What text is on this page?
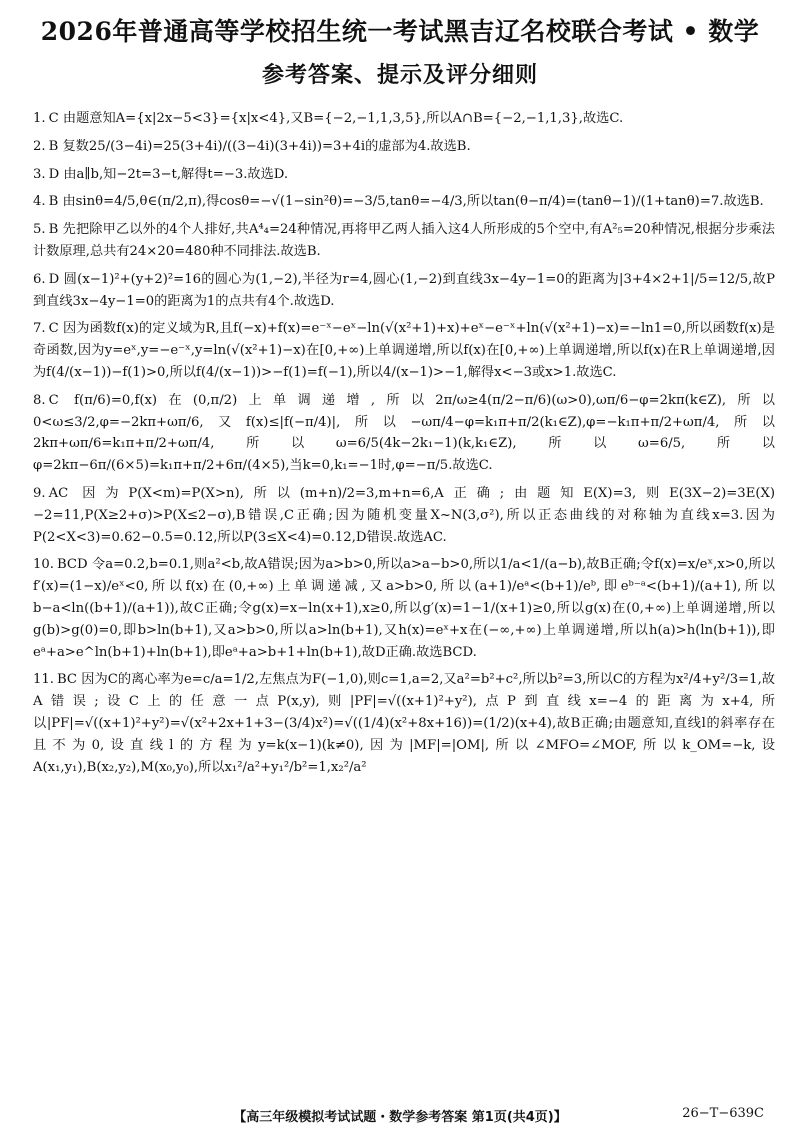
2026年普通高等学校招生统一考试黑吉辽名校联合考试 • 数学
参考答案、提示及评分细则
1. C 由题意知A={x|2x−5<3}={x|x<4},又B={−2,−1,1,3,5},所以A∩B={−2,−1,1,3},故选C.
2. B 复数25/(3−4i)=25(3+4i)/((3−4i)(3+4i))=3+4i的虚部为4.故选B.
3. D 由a∥b,知−2t=3−t,解得t=−3.故选D.
4. B 由sinθ=4/5,θ∈(π/2,π),得cosθ=−√(1−sin²θ)=−3/5,tanθ=−4/3,所以tan(θ−π/4)=(tanθ−1)/(1+tanθ)=7.故选B.
5. B 先把除甲乙以外的4个人排好,共A⁴₄=24种情况,再将甲乙两人插入这4人所形成的5个空中,有A²₅=20种情况,根据分步乘法计数原理,总共有24×20=480种不同排法.故选B.
6. D 圆(x−1)²+(y+2)²=16的圆心为(1,−2),半径为r=4,圆心(1,−2)到直线3x−4y−1=0的距离为|3+4×2+1|/5=12/5,故P到直线3x−4y−1=0的距离为1的点共有4个.故选D.
7. C 因为函数f(x)的定义域为R,且f(−x)+f(x)=e⁻ˣ−eˣ−ln(√(x²+1)+x)+eˣ−e⁻ˣ+ln(√(x²+1)−x)=−ln1=0,所以函数f(x)是奇函数,因为y=eˣ,y=−e⁻ˣ,y=ln(√(x²+1)−x)在[0,+∞)上单调递增,所以f(x)在[0,+∞)上单调递增,所以f(x)在R上单调递增,因为f(4/(x−1))−f(1)>0,所以f(4/(x−1))>−f(1)=f(−1),所以4/(x−1)>−1,解得x<−3或x>1.故选C.
8. C f(π/6)=0,f(x)在(0,π/2)上单调递增,所以2π/ω≥4(π/2−π/6)(ω>0),ωπ/6−φ=2kπ(k∈Z),所以0<ω≤3/2,φ=−2kπ+ωπ/6,又f(x)≤|f(−π/4)|,所以−ωπ/4−φ=k₁π+π/2(k₁∈Z),φ=−k₁π+π/2+ωπ/4,所以2kπ+ωπ/6=k₁π+π/2+ωπ/4,所以ω=6/5(4k−2k₁−1)(k,k₁∈Z),所以ω=6/5,所以φ=2kπ−6π/(6×5)=k₁π+π/2+6π/(4×5),当k=0,k₁=−1时,φ=−π/5.故选C.
9. AC 因为P(X<m)=P(X>n),所以(m+n)/2=3,m+n=6,A正确;由题知E(X)=3,则E(3X−2)=3E(X)−2=11,P(X≥2+σ)>P(X≤2−σ),B错误,C正确;因为随机变量X~N(3,σ²),所以正态曲线的对称轴为直线x=3.因为P(2<X<3)=0.62−0.5=0.12,所以P(3≤X<4)=0.12,D错误.故选AC.
10. BCD 令a=0.2,b=0.1,则a²<b,故A错误;因为a>b>0,所以a>a−b>0,所以1/a<1/(a−b),故B正确;令f(x)=x/eˣ,x>0,所以f′(x)=(1−x)/eˣ<0,所以f(x)在(0,+∞)上单调递减,又a>b>0,所以(a+1)/eᵃ<(b+1)/eᵇ,即eᵇ⁻ᵃ<(b+1)/(a+1),所以b−a<ln((b+1)/(a+1)),故C正确;令g(x)=x−ln(x+1),x≥0,所以g′(x)=1−1/(x+1)≥0,所以g(x)在(0,+∞)上单调递增,所以g(b)>g(0)=0,即b>ln(b+1),又a>b>0,所以a>ln(b+1),又h(x)=eˣ+x在(−∞,+∞)上单调递增,所以h(a)>h(ln(b+1)),即eᵃ+a>e^ln(b+1)+ln(b+1),即eᵃ+a>b+1+ln(b+1),故D正确.故选BCD.
11. BC 因为C的离心率为e=c/a=1/2,左焦点为F(−1,0),则c=1,a=2,又a²=b²+c²,所以b²=3,所以C的方程为x²/4+y²/3=1,故A错误;设C上的任意一点P(x,y),则|PF|=√((x+1)²+y²),点P到直线x=−4的距离为x+4,所以|PF|=√((x+1)²+y²)=√(x²+2x+1+3−(3/4)x²)=√((1/4)(x²+8x+16))=(1/2)(x+4),故B正确;由题意知,直线l的斜率存在且不为0,设直线l的方程为y=k(x−1)(k≠0),因为|MF|=|OM|,所以∠MFO=∠MOF,所以k_OM=−k,设A(x₁,y₁),B(x₂,y₂),M(x₀,y₀),所以x₁²/a²+y₁²/b²=1,x₂²/a²
【高三年级模拟考试试题・数学参考答案 第1页(共4页)】	26−T−639C
